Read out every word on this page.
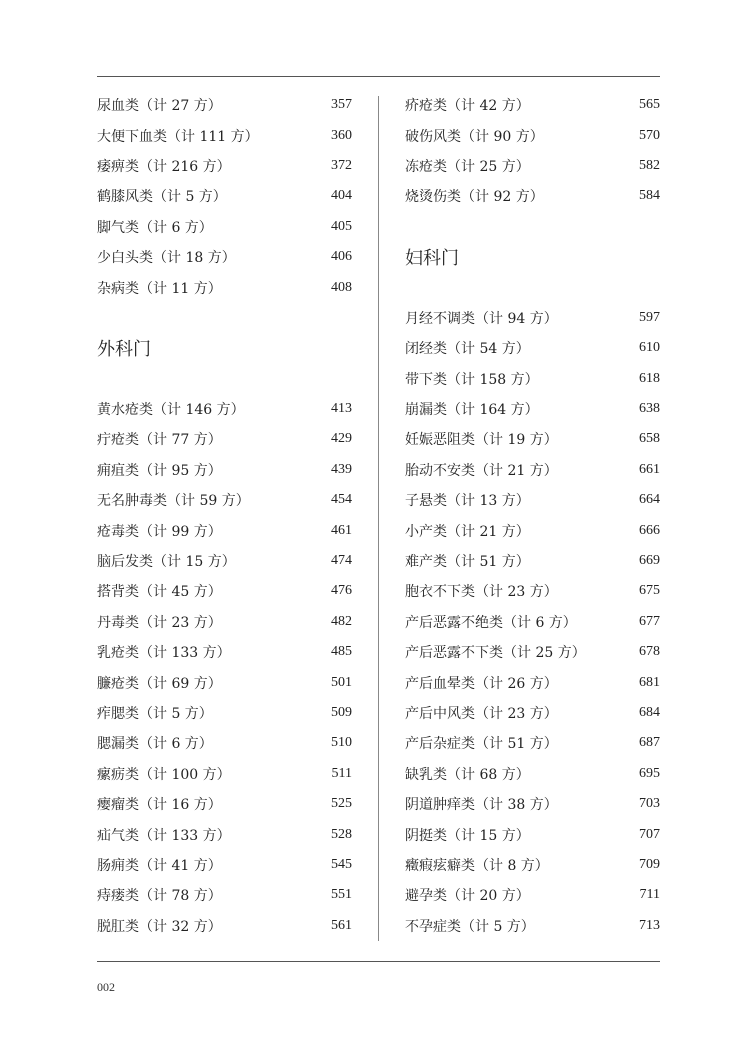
尿血类（计 27 方）	357
大便下血类（计 111 方）	360
痿痹类（计 216 方）	372
鹤膝风类（计 5 方）	404
脚气类（计 6 方）	405
少白头类（计 18 方）	406
杂病类（计 11 方）	408
外科门
黄水疮类（计 146 方）	413
疔疮类（计 77 方）	429
痈疽类（计 95 方）	439
无名肿毒类（计 59 方）	454
疮毒类（计 99 方）	461
脑后发类（计 15 方）	474
搭背类（计 45 方）	476
丹毒类（计 23 方）	482
乳疮类（计 133 方）	485
臁疮类（计 69 方）	501
痄腮类（计 5 方）	509
腮漏类（计 6 方）	510
瘰疬类（计 100 方）	511
瘿瘤类（计 16 方）	525
疝气类（计 133 方）	528
肠痈类（计 41 方）	545
痔瘘类（计 78 方）	551
脱肛类（计 32 方）	561
疥疮类（计 42 方）	565
破伤风类（计 90 方）	570
冻疮类（计 25 方）	582
烧烫伤类（计 92 方）	584
妇科门
月经不调类（计 94 方）	597
闭经类（计 54 方）	610
带下类（计 158 方）	618
崩漏类（计 164 方）	638
妊娠恶阻类（计 19 方）	658
胎动不安类（计 21 方）	661
子悬类（计 13 方）	664
小产类（计 21 方）	666
难产类（计 51 方）	669
胞衣不下类（计 23 方）	675
产后恶露不绝类（计 6 方）	677
产后恶露不下类（计 25 方）	678
产后血晕类（计 26 方）	681
产后中风类（计 23 方）	684
产后杂症类（计 51 方）	687
缺乳类（计 68 方）	695
阴道肿痒类（计 38 方）	703
阴挺类（计 15 方）	707
癥瘕痃癖类（计 8 方）	709
避孕类（计 20 方）	711
不孕症类（计 5 方）	713
002
